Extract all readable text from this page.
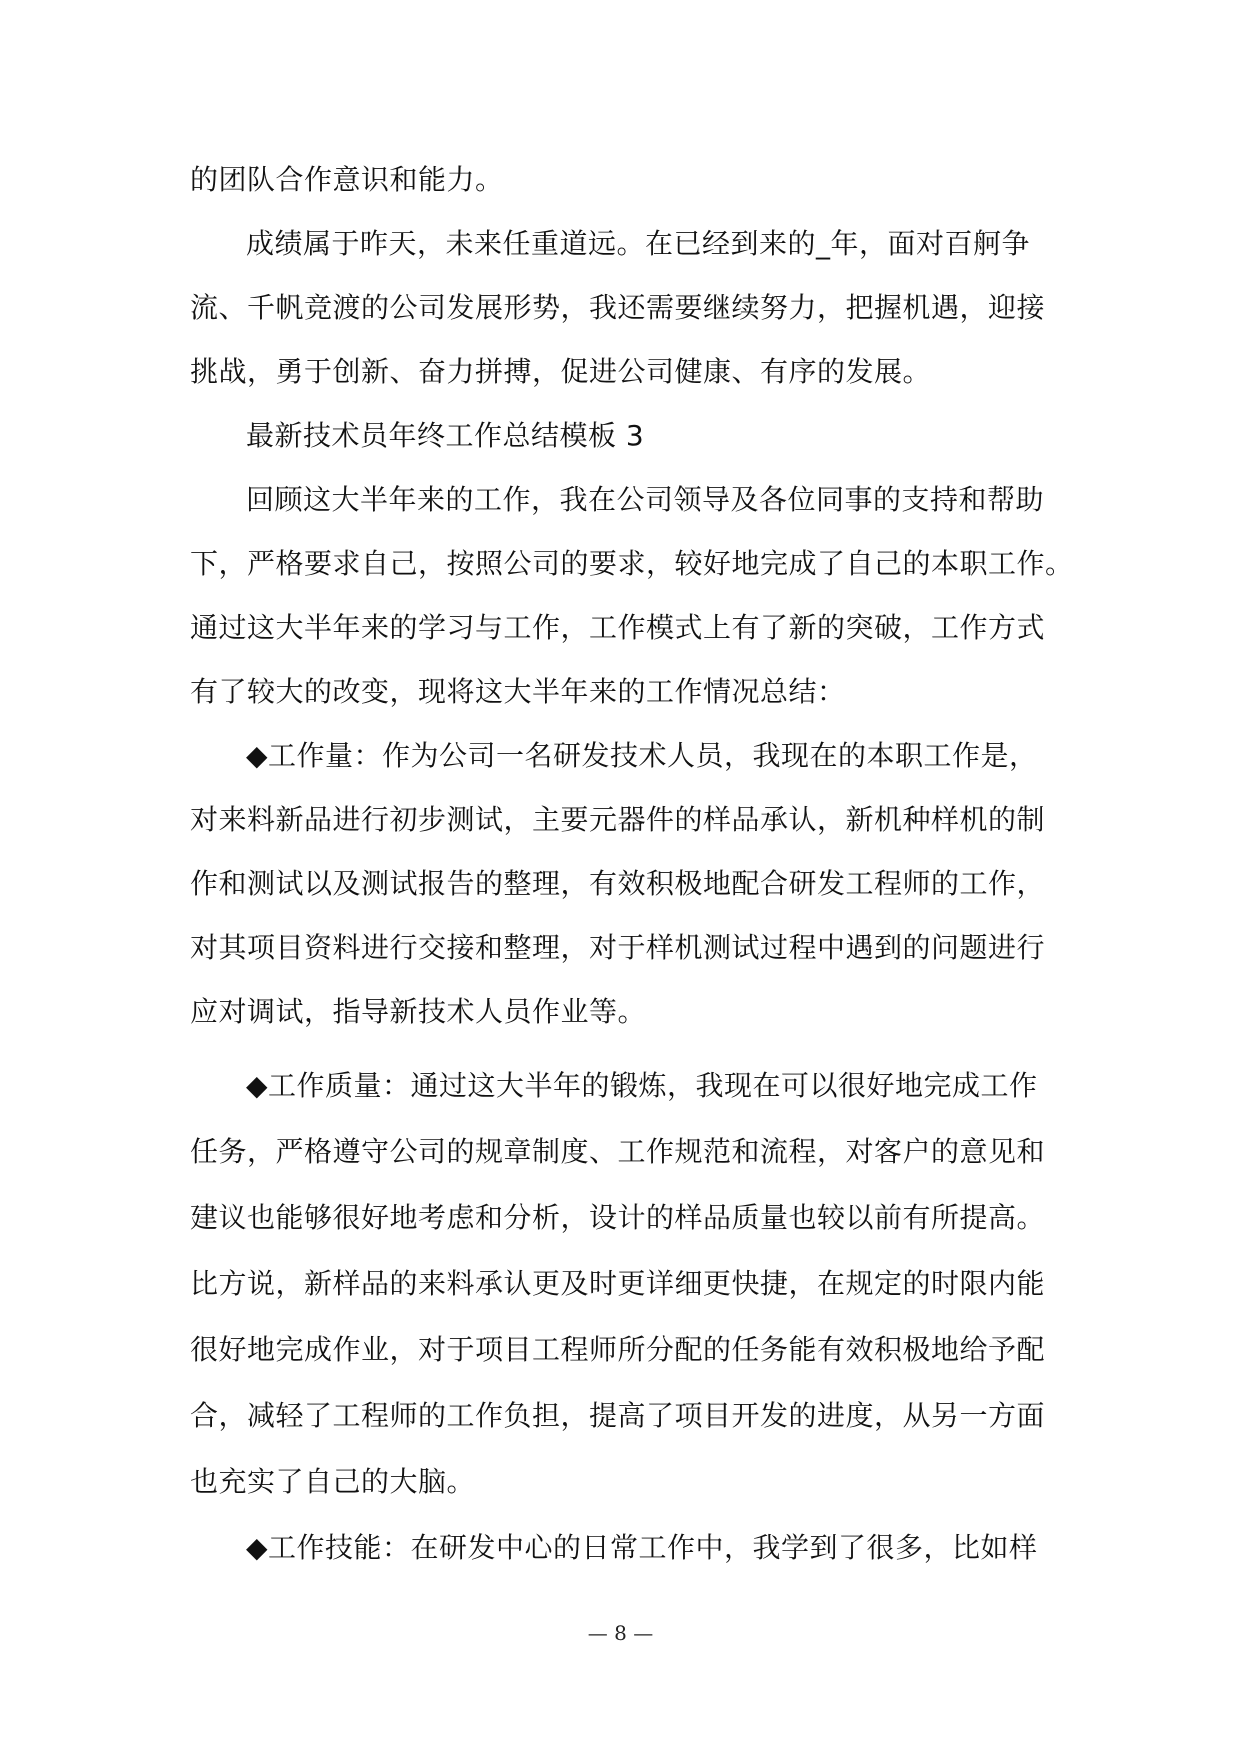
的团队合作意识和能力。
成绩属于昨天，未来任重道远。在已经到来的_年，面对百舸争
流、千帆竞渡的公司发展形势，我还需要继续努力，把握机遇，迎接
挑战，勇于创新、奋力拼搏，促进公司健康、有序的发展。
最新技术员年终工作总结模板 3
回顾这大半年来的工作，我在公司领导及各位同事的支持和帮助
下，严格要求自己，按照公司的要求，较好地完成了自己的本职工作。
通过这大半年来的学习与工作，工作模式上有了新的突破，工作方式
有了较大的改变，现将这大半年来的工作情况总结：
◆工作量：作为公司一名研发技术人员，我现在的本职工作是，
对来料新品进行初步测试，主要元器件的样品承认，新机种样机的制
作和测试以及测试报告的整理，有效积极地配合研发工程师的工作，
对其项目资料进行交接和整理，对于样机测试过程中遇到的问题进行
应对调试，指导新技术人员作业等。
◆工作质量：通过这大半年的锻炼，我现在可以很好地完成工作
任务，严格遵守公司的规章制度、工作规范和流程，对客户的意见和
建议也能够很好地考虑和分析，设计的样品质量也较以前有所提高。
比方说，新样品的来料承认更及时更详细更快捷，在规定的时限内能
很好地完成作业，对于项目工程师所分配的任务能有效积极地给予配
合，减轻了工程师的工作负担，提高了项目开发的进度，从另一方面
也充实了自己的大脑。
◆工作技能：在研发中心的日常工作中，我学到了很多，比如样
— 8 —
